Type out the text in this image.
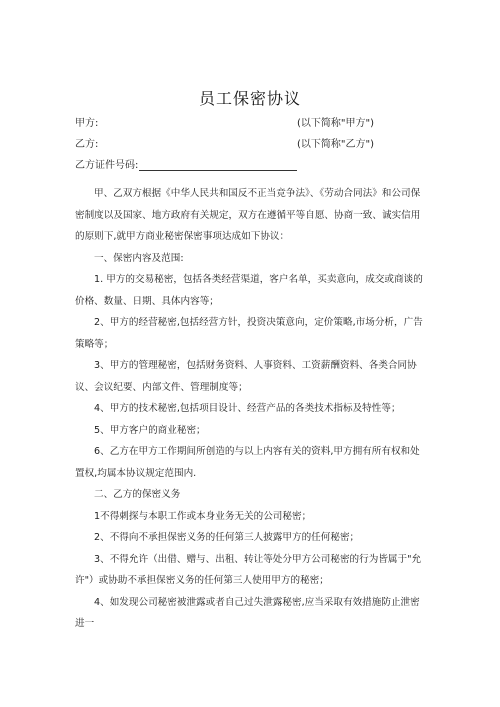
员工保密协议
甲方:	(以下简称"甲方")
乙方:	(以下简称"乙方")
乙方证件号码:

甲、乙双方根据《中华人民共和国反不正当竞争法》、《劳动合同法》和公司保密制度以及国家、地方政府有关规定，双方在遵循平等自愿、协商一致、诚实信用的原则下,就甲方商业秘密保密事项达成如下协议：

一、保密内容及范围:

1. 甲方的交易秘密，包括各类经营渠道，客户名单，买卖意向，成交或商谈的价格、数量、日期、具体内容等；

2、甲方的经营秘密,包括经营方针，投资决策意向，定价策略,市场分析，广告策略等；

3、甲方的管理秘密，包括财务资料、人事资料、工资薪酬资料、各类合同协议、会议纪要、内部文件、管理制度等；

4、甲方的技术秘密,包括项目设计、经营产品的各类技术指标及特性等；

5、甲方客户的商业秘密；

6、乙方在甲方工作期间所创造的与以上内容有关的资料,甲方拥有所有权和处置权,均属本协议规定范围内.

二、乙方的保密义务

1不得刺探与本职工作或本身业务无关的公司秘密；

2、不得向不承担保密义务的任何第三人披露甲方的任何秘密；

3、不得允许（出借、赠与、出租、转让等处分甲方公司秘密的行为皆属于"允许"）或协助不承担保密义务的任何第三人使用甲方的秘密；

4、如发现公司秘密被泄露或者自己过失泄露秘密,应当采取有效措施防止泄密进一
